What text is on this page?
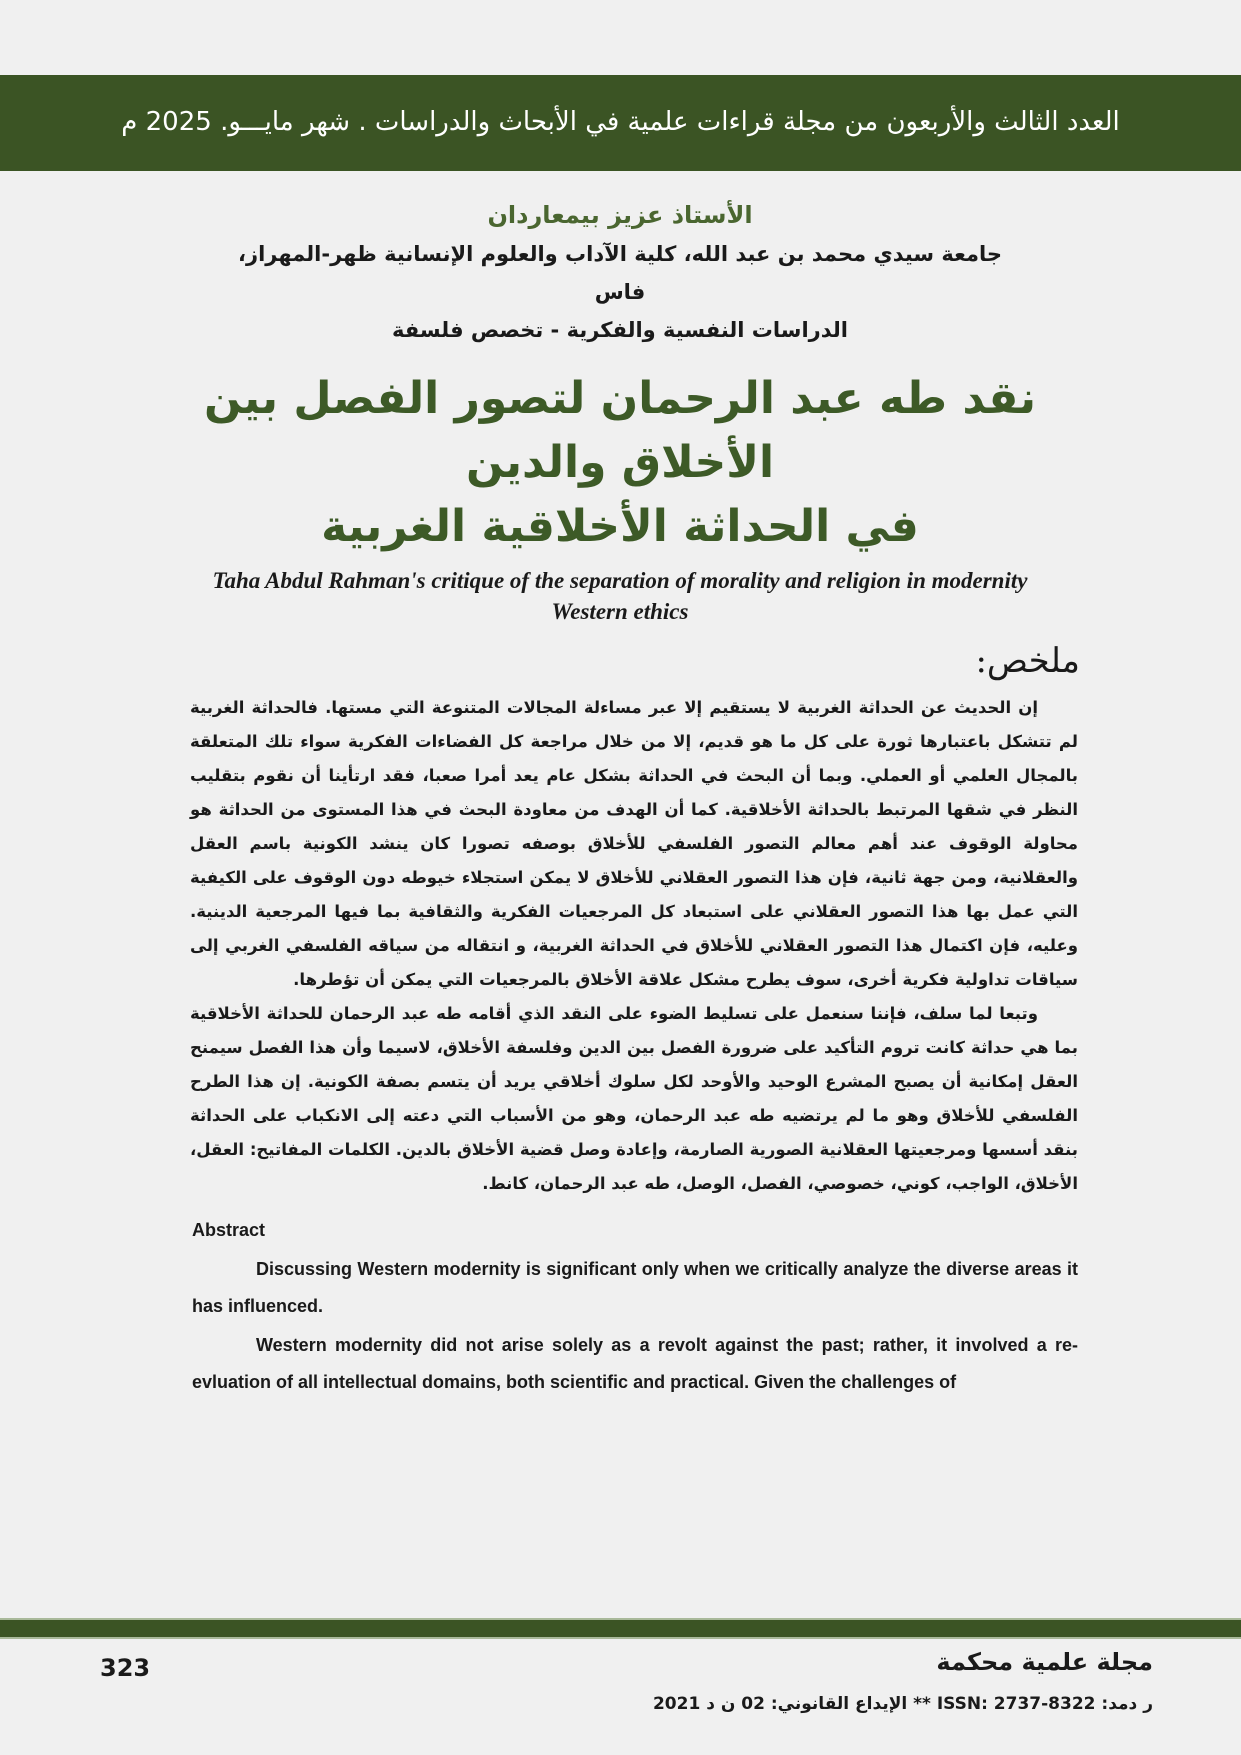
العدد الثالث والأربعون من مجلة قراءات علمية في الأبحاث والدراسات . شهر مايـــو. 2025 م
الأستاذ عزيز بيمعاردان
جامعة سيدي محمد بن عبد الله، كلية الآداب والعلوم الإنسانية ظهر-المهراز،
فاس
الدراسات النفسية والفكرية - تخصص فلسفة
نقد طه عبد الرحمان لتصور الفصل بين الأخلاق والدين
في الحداثة الأخلاقية الغربية
Taha Abdul Rahman's critique of the separation of morality and religion in modernity Western ethics
ملخص:

إن الحديث عن الحداثة الغربية لا يستقيم إلا عبر مساءلة المجالات المتنوعة التي مستها. فالحداثة الغربية لم تتشكل باعتبارها ثورة على كل ما هو قديم، إلا من خلال مراجعة كل الفضاءات الفكرية سواء تلك المتعلقة بالمجال العلمي أو العملي. وبما أن البحث في الحداثة بشكل عام يعد أمرا صعبا، فقد ارتأينا أن نقوم بتقليب النظر في شقها المرتبط بالحداثة الأخلاقية. كما أن الهدف من معاودة البحث في هذا المستوى من الحداثة هو محاولة الوقوف عند أهم معالم التصور الفلسفي للأخلاق بوصفه تصورا كان ينشد الكونية باسم العقل والعقلانية، ومن جهة ثانية، فإن هذا التصور العقلاني للأخلاق لا يمكن استجلاء خيوطه دون الوقوف على الكيفية التي عمل بها هذا التصور العقلاني على استبعاد كل المرجعيات الفكرية والثقافية بما فيها المرجعية الدينية. وعليه، فإن اكتمال هذا التصور العقلاني للأخلاق في الحداثة الغربية، و انتقاله من سياقه الفلسفي الغربي إلى سياقات تداولية فكرية أخرى، سوف يطرح مشكل علاقة الأخلاق بالمرجعيات التي يمكن أن تؤطرها.

وتبعا لما سلف، فإننا سنعمل على تسليط الضوء على النقد الذي أقامه طه عبد الرحمان للحداثة الأخلاقية بما هي حداثة كانت تروم التأكيد على ضرورة الفصل بين الدين وفلسفة الأخلاق، لاسيما وأن هذا الفصل سيمنح العقل إمكانية أن يصبح المشرع الوحيد والأوحد لكل سلوك أخلاقي يريد أن يتسم بصفة الكونية. إن هذا الطرح الفلسفي للأخلاق وهو ما لم يرتضيه طه عبد الرحمان، وهو من الأسباب التي دعته إلى الانكباب على الحداثة بنقد أسسها ومرجعيتها العقلانية الصورية الصارمة، وإعادة وصل قضية الأخلاق بالدين. الكلمات المفاتيح: العقل، الأخلاق، الواجب، كوني، خصوصي، الفصل، الوصل، طه عبد الرحمان، كانط.

Abstract

Discussing Western modernity is significant only when we critically analyze the diverse areas it has influenced.

Western modernity did not arise solely as a revolt against the past; rather, it involved a re-evluation of all intellectual domains, both scientific and practical. Given the challenges of

323	مجلة علمية محكمة
ر دمد: ISSN: 2737-8322 ** الإيداع القانوني: 02 ن د 2021
